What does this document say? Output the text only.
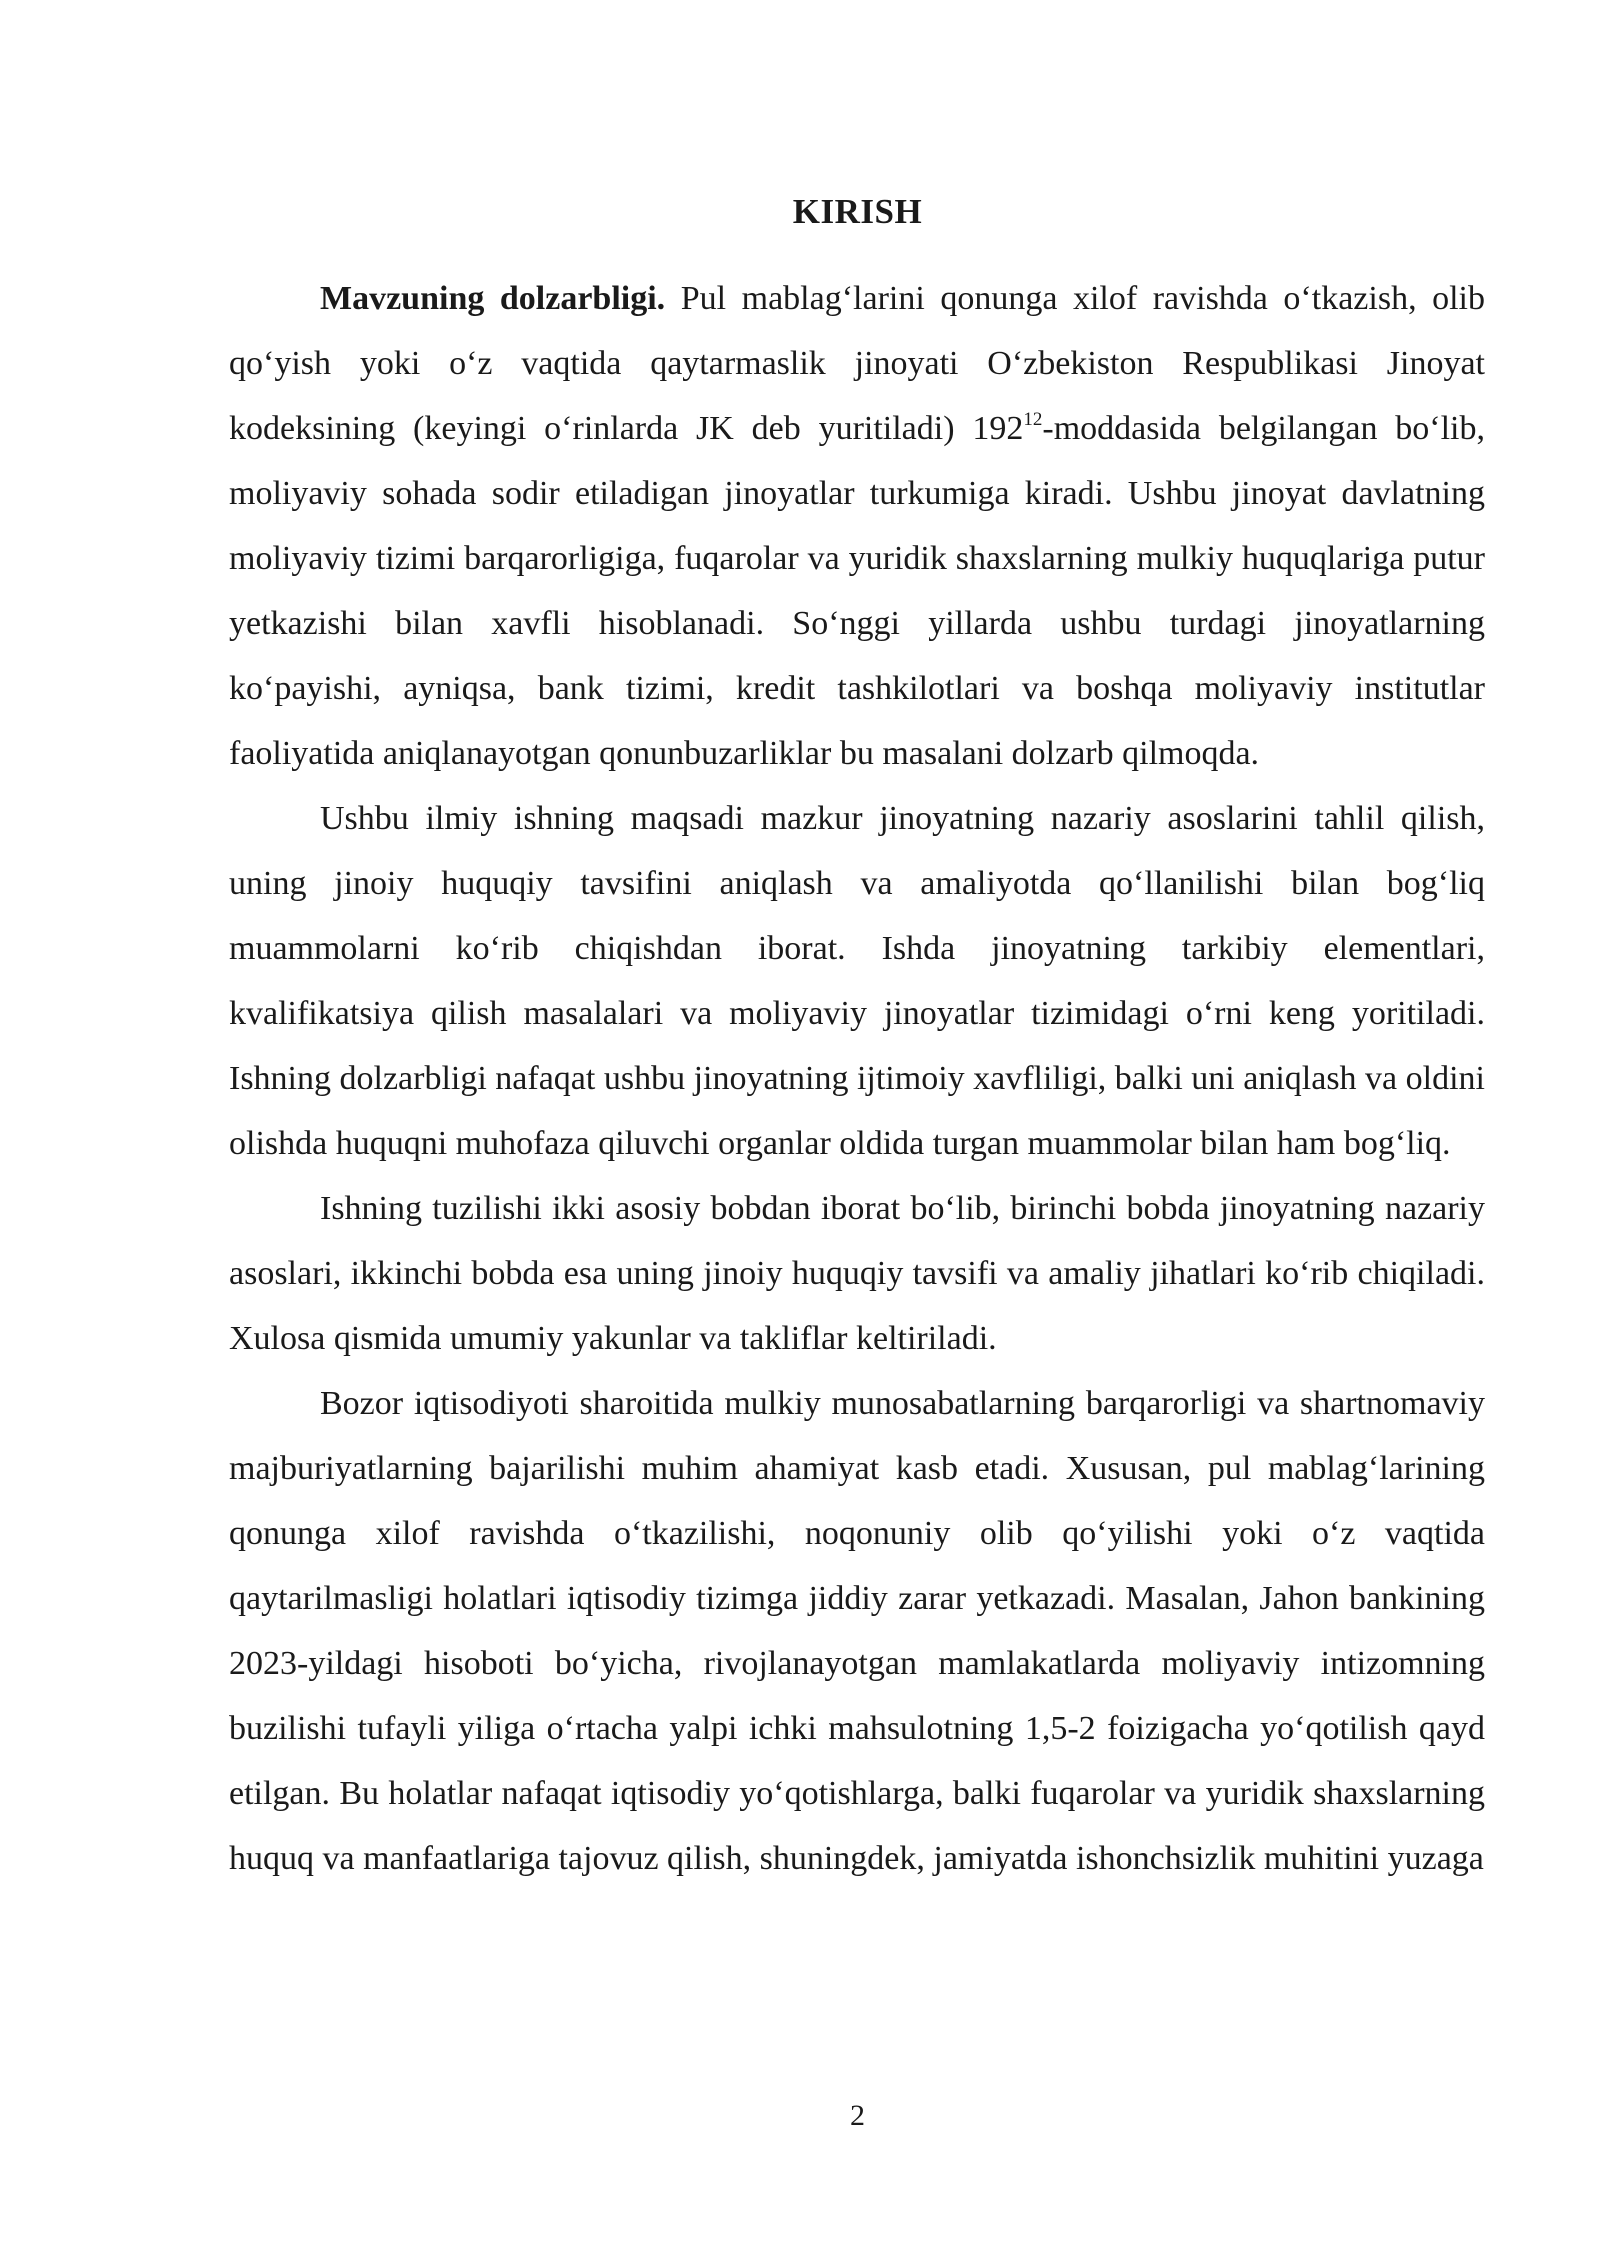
KIRISH

Mavzuning dolzarbligi. Pul mablag‘larini qonunga xilof ravishda o‘tkazish, olib qo‘yish yoki o‘z vaqtida qaytarmaslik jinoyati O‘zbekiston Respublikasi Jinoyat kodeksining (keyingi o‘rinlarda JK deb yuritiladi) $192^{12}$-moddasida belgilangan bo‘lib, moliyaviy sohada sodir etiladigan jinoyatlar turkumiga kiradi. Ushbu jinoyat davlatning moliyaviy tizimi barqarorligiga, fuqarolar va yuridik shaxslarning mulkiy huquqlariga putur yetkazishi bilan xavfli hisoblanadi. So‘nggi yillarda ushbu turdagi jinoyatlarning ko‘payishi, ayniqsa, bank tizimi, kredit tashkilotlari va boshqa moliyaviy institutlar faoliyatida aniqlanayotgan qonunbuzarliklar bu masalani dolzarb qilmoqda.

Ushbu ilmiy ishning maqsadi mazkur jinoyatning nazariy asoslarini tahlil qilish, uning jinoiy huquqiy tavsifini aniqlash va amaliyotda qo‘llanilishi bilan bog‘liq muammolarni ko‘rib chiqishdan iborat. Ishda jinoyatning tarkibiy elementlari, kvalifikatsiya qilish masalalari va moliyaviy jinoyatlar tizimidagi o‘rni keng yoritiladi. Ishning dolzarbligi nafaqat ushbu jinoyatning ijtimoiy xavfliligi, balki uni aniqlash va oldini olishda huquqni muhofaza qiluvchi organlar oldida turgan muammolar bilan ham bog‘liq.

Ishning tuzilishi ikki asosiy bobdan iborat bo‘lib, birinchi bobda jinoyatning nazariy asoslari, ikkinchi bobda esa uning jinoiy huquqiy tavsifi va amaliy jihatlari ko‘rib chiqiladi. Xulosa qismida umumiy yakunlar va takliflar keltiriladi.

Bozor iqtisodiyoti sharoitida mulkiy munosabatlarning barqarorligi va shartnomaviy majburiyatlarning bajarilishi muhim ahamiyat kasb etadi. Xususan, pul mablag‘larining qonunga xilof ravishda o‘tkazilishi, noqonuniy olib qo‘yilishi yoki o‘z vaqtida qaytarilmasligi holatlari iqtisodiy tizimga jiddiy zarar yetkazadi. Masalan, Jahon bankining 2023-yildagi hisoboti bo‘yicha, rivojlanayotgan mamlakatlarda moliyaviy intizomning buzilishi tufayli yiliga o‘rtacha yalpi ichki mahsulotning 1,5-2 foizigacha yo‘qotilish qayd etilgan. Bu holatlar nafaqat iqtisodiy yo‘qotishlarga, balki fuqarolar va yuridik shaxslarning huquq va manfaatlariga tajovuz qilish, shuningdek, jamiyatda ishonchsizlik muhitini yuzaga

2
